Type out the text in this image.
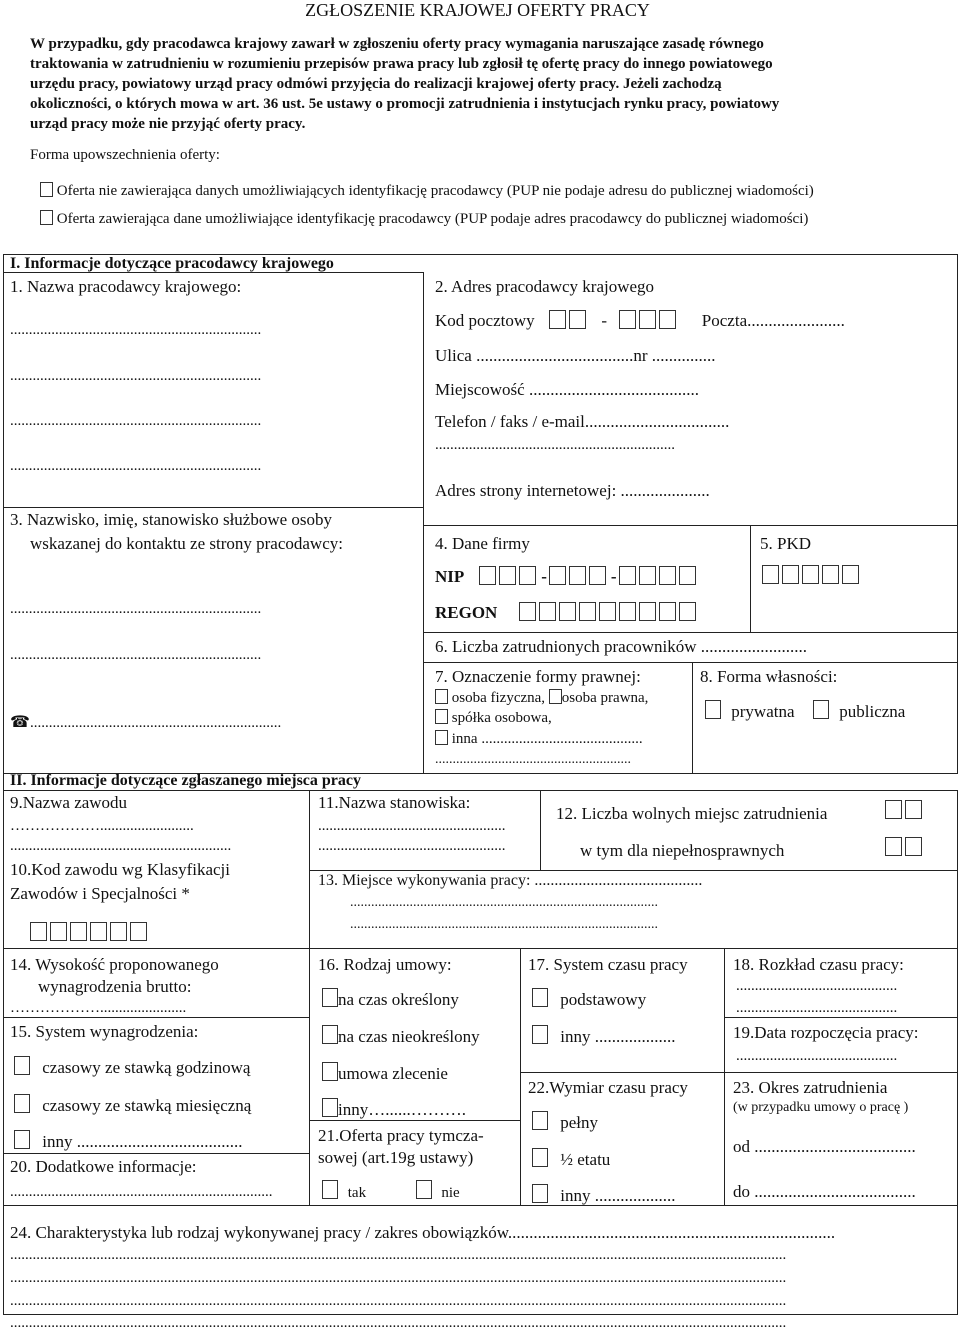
ZGŁOSZENIE KRAJOWEJ OFERTY PRACY
W przypadku, gdy pracodawca krajowy zawarł w zgłoszeniu oferty pracy wymagania naruszające zasadę równego
traktowania w zatrudnieniu w rozumieniu przepisów prawa pracy lub zgłosił tę ofertę pracy do innego powiatowego
urzędu pracy, powiatowy urząd pracy odmówi przyjęcia do realizacji krajowej oferty pracy. Jeżeli zachodzą
okoliczności, o których mowa w art. 36 ust. 5e ustawy o promocji zatrudnienia i instytucjach rynku pracy, powiatowy
urząd pracy może nie przyjąć oferty pracy.
Forma upowszechnienia oferty:
Oferta nie zawierająca danych umożliwiających identyfikację pracodawcy (PUP nie podaje adresu do publicznej wiadomości)
Oferta zawierająca dane umożliwiające identyfikację pracodawcy (PUP podaje adres pracodawcy do publicznej wiadomości)
I. Informacje dotyczące pracodawcy krajowego
1. Nazwa pracodawcy krajowego:
...................................................................
...................................................................
...................................................................
...................................................................
2. Adres pracodawcy krajowego
Kod pocztowy	-	Poczta.......................
Ulica .....................................nr ...............
Miejscowość ........................................
Telefon / faks / e-mail..................................
................................................................
Adres strony internetowej: .....................
3. Nazwisko, imię, stanowisko służbowe osoby
wskazanej do kontaktu ze strony pracodawcy:
...................................................................
...................................................................
☎...................................................................
4. Dane firmy
NIP	-	-
REGON
5. PKD
6. Liczba zatrudnionych pracowników .........................
7. Oznaczenie formy prawnej:
osoba fizyczna, osoba prawna,
spółka osobowa,
inna ...........................................
........................................................
8. Forma własności:
prywatna	publiczna
II. Informacje dotyczące zgłaszanego miejsca pracy
9.Nazwa zawodu
……………….........................
...........................................................
10.Kod zawodu wg Klasyfikacji
Zawodów i Specjalności *
11.Nazwa stanowiska:
..................................................
..................................................
12. Liczba wolnych miejsc zatrudnienia
w tym dla niepełnosprawnych
13. Miejsce wykonywania pracy: ..........................................
........................................................................................
........................................................................................
14. Wysokość proponowanego
wynagrodzenia brutto:
……………….......................
15. System wynagrodzenia:
czasowy ze stawką godzinową
czasowy ze stawką miesięczną
inny .......................................
20. Dodatkowe informacje:
......................................................................
16. Rodzaj umowy:
na czas określony
na czas nieokreślony
umowa zlecenie
inny…......……….
21.Oferta pracy tymcza-
sowej (art.19g ustawy)
tak	nie
17. System czasu pracy
podstawowy
inny ...................
22.Wymiar czasu pracy
pełny
½ etatu
inny ...................
18. Rozkład czasu pracy:
...........................................
...........................................
19.Data rozpoczęcia pracy:
...........................................
23. Okres zatrudnienia
(w przypadku umowy o pracę )
od ......................................
do ......................................
24. Charakterystyka lub rodzaj wykonywanej pracy / zakres obowiązków.............................................................................
...............................................................................................................................................................................................................
...............................................................................................................................................................................................................
...............................................................................................................................................................................................................
...............................................................................................................................................................................................................
